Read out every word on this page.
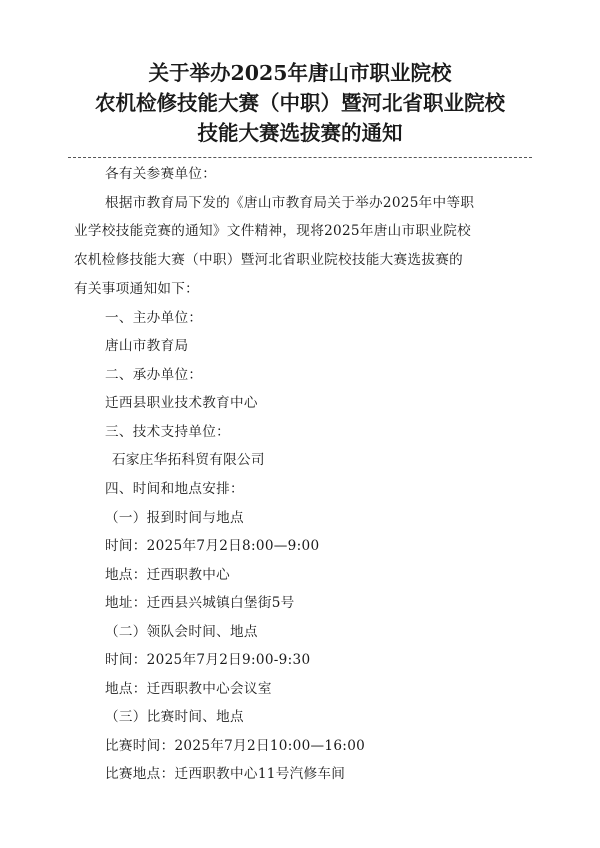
关于举办2025年唐山市职业院校
农机检修技能大赛（中职）暨河北省职业院校
技能大赛选拔赛的通知
各有关参赛单位：
根据市教育局下发的《唐山市教育局关于举办2025年中等职
业学校技能竞赛的通知》文件精神，现将2025年唐山市职业院校
农机检修技能大赛（中职）暨河北省职业院校技能大赛选拔赛的
有关事项通知如下：
一、主办单位：
唐山市教育局
二、承办单位：
迁西县职业技术教育中心
三、技术支持单位：
石家庄华拓科贸有限公司
四、时间和地点安排：
（一）报到时间与地点
时间：2025年7月2日8:00—9:00
地点：迁西职教中心
地址：迁西县兴城镇白堡街5号
（二）领队会时间、地点
时间：2025年7月2日9:00-9:30
地点：迁西职教中心会议室
（三）比赛时间、地点
比赛时间：2025年7月2日10:00—16:00
比赛地点：迁西职教中心11号汽修车间
